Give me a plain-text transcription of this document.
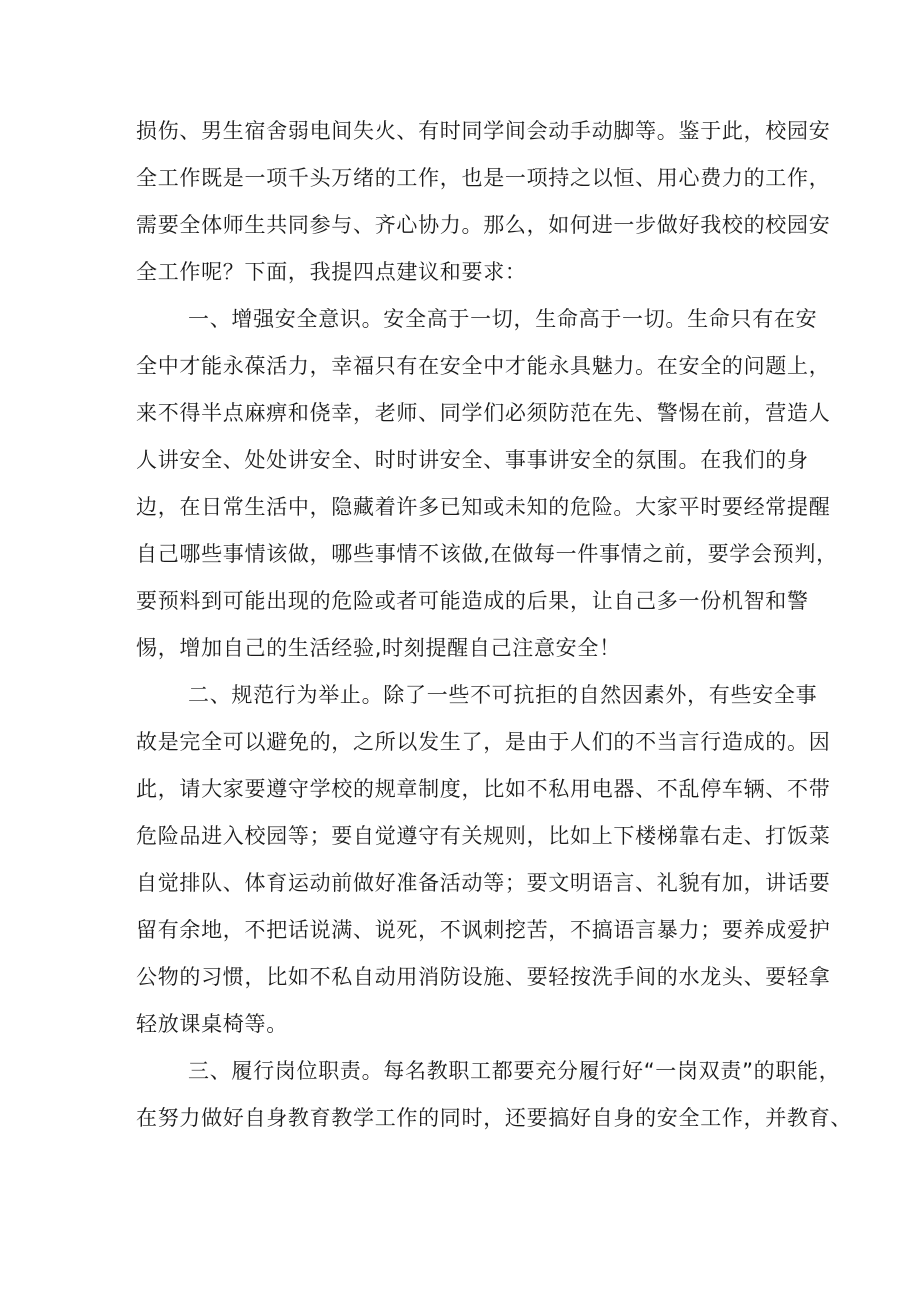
损伤、男生宿舍弱电间失火、有时同学间会动手动脚等。鉴于此，校园安
全工作既是一项千头万绪的工作，也是一项持之以恒、用心费力的工作，
需要全体师生共同参与、齐心协力。那么，如何进一步做好我校的校园安
全工作呢？下面，我提四点建议和要求：
一、增强安全意识。安全高于一切，生命高于一切。生命只有在安
全中才能永葆活力，幸福只有在安全中才能永具魅力。在安全的问题上，
来不得半点麻痹和侥幸，老师、同学们必须防范在先、警惕在前，营造人
人讲安全、处处讲安全、时时讲安全、事事讲安全的氛围。在我们的身
边，在日常生活中，隐藏着许多已知或未知的危险。大家平时要经常提醒
自己哪些事情该做，哪些事情不该做,在做每一件事情之前，要学会预判，
要预料到可能出现的危险或者可能造成的后果，让自己多一份机智和警
惕，增加自己的生活经验,时刻提醒自己注意安全！
二、规范行为举止。除了一些不可抗拒的自然因素外，有些安全事
故是完全可以避免的，之所以发生了，是由于人们的不当言行造成的。因
此，请大家要遵守学校的规章制度，比如不私用电器、不乱停车辆、不带
危险品进入校园等；要自觉遵守有关规则，比如上下楼梯靠右走、打饭菜
自觉排队、体育运动前做好准备活动等；要文明语言、礼貌有加，讲话要
留有余地，不把话说满、说死，不讽刺挖苦，不搞语言暴力；要养成爱护
公物的习惯，比如不私自动用消防设施、要轻按洗手间的水龙头、要轻拿
轻放课桌椅等。
三、履行岗位职责。每名教职工都要充分履行好“一岗双责”的职能，
在努力做好自身教育教学工作的同时，还要搞好自身的安全工作，并教育、
